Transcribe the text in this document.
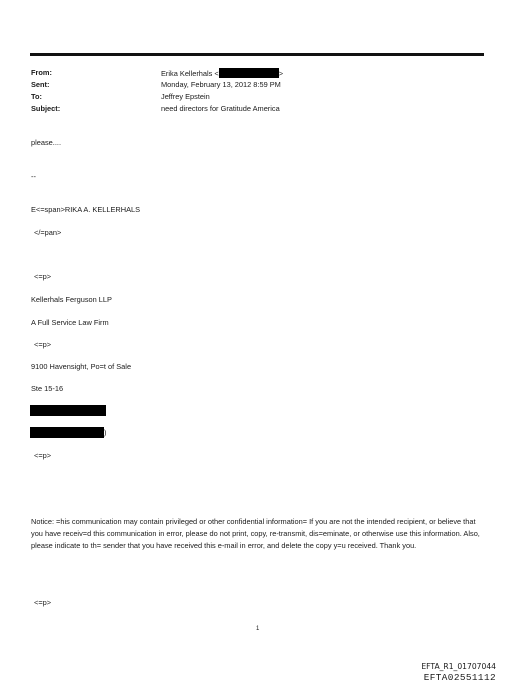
From:
Sent:
To:
Subject:
Erika Kellerhals <	>
Monday, February 13, 2012 8:59 PM
Jeffrey Epstein
need directors for Gratitude America
please....
--
E<=span>RIKA A. KELLERHALS
</=pan>
<=p>
Kellerhals Ferguson LLP
A Full Service Law Firm
<=p>
9100 Havensight, Po=t of Sale
Ste 15-16
)
<=p>
Notice: =his communication may contain privileged or other confidential information= If you are not the intended recipient, or believe that you have receiv=d this communication in error, please do not print, copy, re-transmit, dis=eminate, or otherwise use this information. Also, please indicate to th= sender that you have received this e-mail in error, and delete the copy y=u received. Thank you.
<=p>
1
EFTA_R1_01707044
EFTA02551112
